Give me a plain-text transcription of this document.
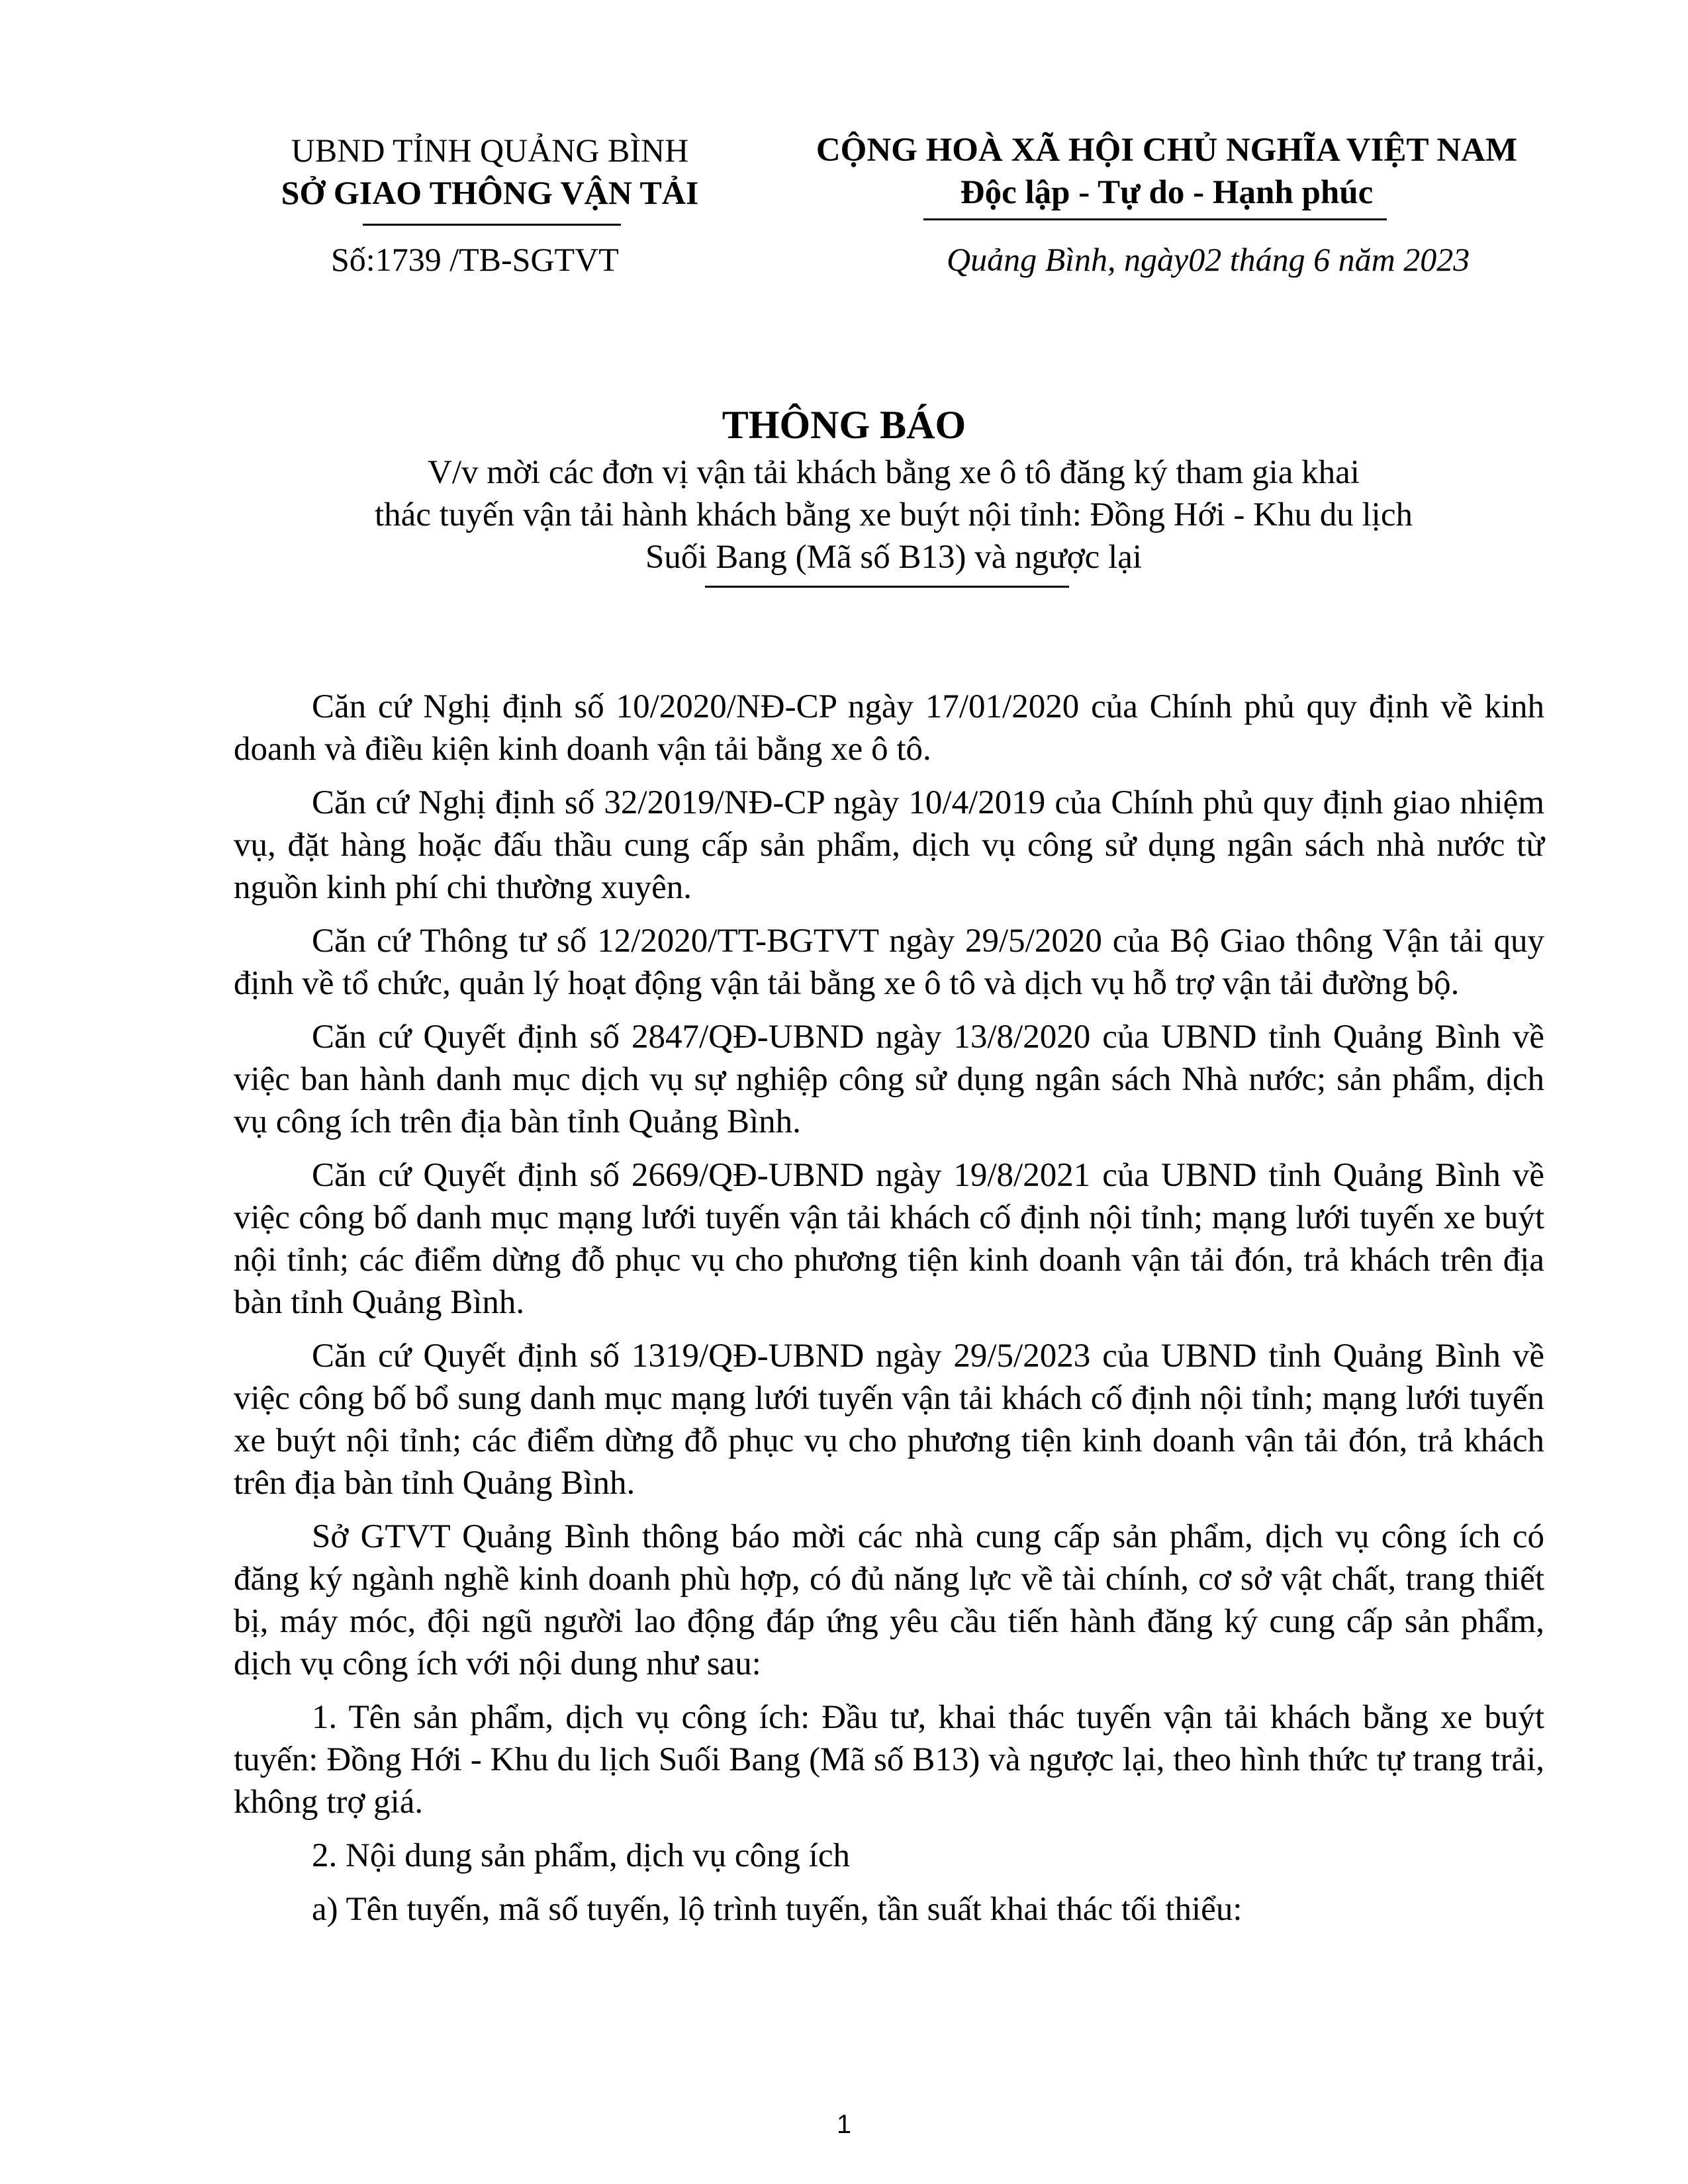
UBND TỈNH QUẢNG BÌNH
SỞ GIAO THÔNG VẬN TẢI
Số:1739 /TB-SGTVT
CỘNG HOÀ XÃ HỘI CHỦ NGHĨA VIỆT NAM
Độc lập - Tự do - Hạnh phúc
Quảng Bình, ngày02 tháng 6 năm 2023
THÔNG BÁO
V/v mời các đơn vị vận tải khách bằng xe ô tô đăng ký tham gia khai
thác tuyến vận tải hành khách bằng xe buýt nội tỉnh: Đồng Hới - Khu du lịch
Suối Bang (Mã số B13) và ngược lại

Căn cứ Nghị định số 10/2020/NĐ-CP ngày 17/01/2020 của Chính phủ quy định về kinh doanh và điều kiện kinh doanh vận tải bằng xe ô tô.

Căn cứ Nghị định số 32/2019/NĐ-CP ngày 10/4/2019 của Chính phủ quy định giao nhiệm vụ, đặt hàng hoặc đấu thầu cung cấp sản phẩm, dịch vụ công sử dụng ngân sách nhà nước từ nguồn kinh phí chi thường xuyên.

Căn cứ Thông tư số 12/2020/TT-BGTVT ngày 29/5/2020 của Bộ Giao thông Vận tải quy định về tổ chức, quản lý hoạt động vận tải bằng xe ô tô và dịch vụ hỗ trợ vận tải đường bộ.

Căn cứ Quyết định số 2847/QĐ-UBND ngày 13/8/2020 của UBND tỉnh Quảng Bình về việc ban hành danh mục dịch vụ sự nghiệp công sử dụng ngân sách Nhà nước; sản phẩm, dịch vụ công ích trên địa bàn tỉnh Quảng Bình.

Căn cứ Quyết định số 2669/QĐ-UBND ngày 19/8/2021 của UBND tỉnh Quảng Bình về việc công bố danh mục mạng lưới tuyến vận tải khách cố định nội tỉnh; mạng lưới tuyến xe buýt nội tỉnh; các điểm dừng đỗ phục vụ cho phương tiện kinh doanh vận tải đón, trả khách trên địa bàn tỉnh Quảng Bình.

Căn cứ Quyết định số 1319/QĐ-UBND ngày 29/5/2023 của UBND tỉnh Quảng Bình về việc công bố bổ sung danh mục mạng lưới tuyến vận tải khách cố định nội tỉnh; mạng lưới tuyến xe buýt nội tỉnh; các điểm dừng đỗ phục vụ cho phương tiện kinh doanh vận tải đón, trả khách trên địa bàn tỉnh Quảng Bình.

Sở GTVT Quảng Bình thông báo mời các nhà cung cấp sản phẩm, dịch vụ công ích có đăng ký ngành nghề kinh doanh phù hợp, có đủ năng lực về tài chính, cơ sở vật chất, trang thiết bị, máy móc, đội ngũ người lao động đáp ứng yêu cầu tiến hành đăng ký cung cấp sản phẩm, dịch vụ công ích với nội dung như sau:

1. Tên sản phẩm, dịch vụ công ích: Đầu tư, khai thác tuyến vận tải khách bằng xe buýt tuyến: Đồng Hới - Khu du lịch Suối Bang (Mã số B13) và ngược lại, theo hình thức tự trang trải, không trợ giá.

2. Nội dung sản phẩm, dịch vụ công ích

a) Tên tuyến, mã số tuyến, lộ trình tuyến, tần suất khai thác tối thiểu:

1
